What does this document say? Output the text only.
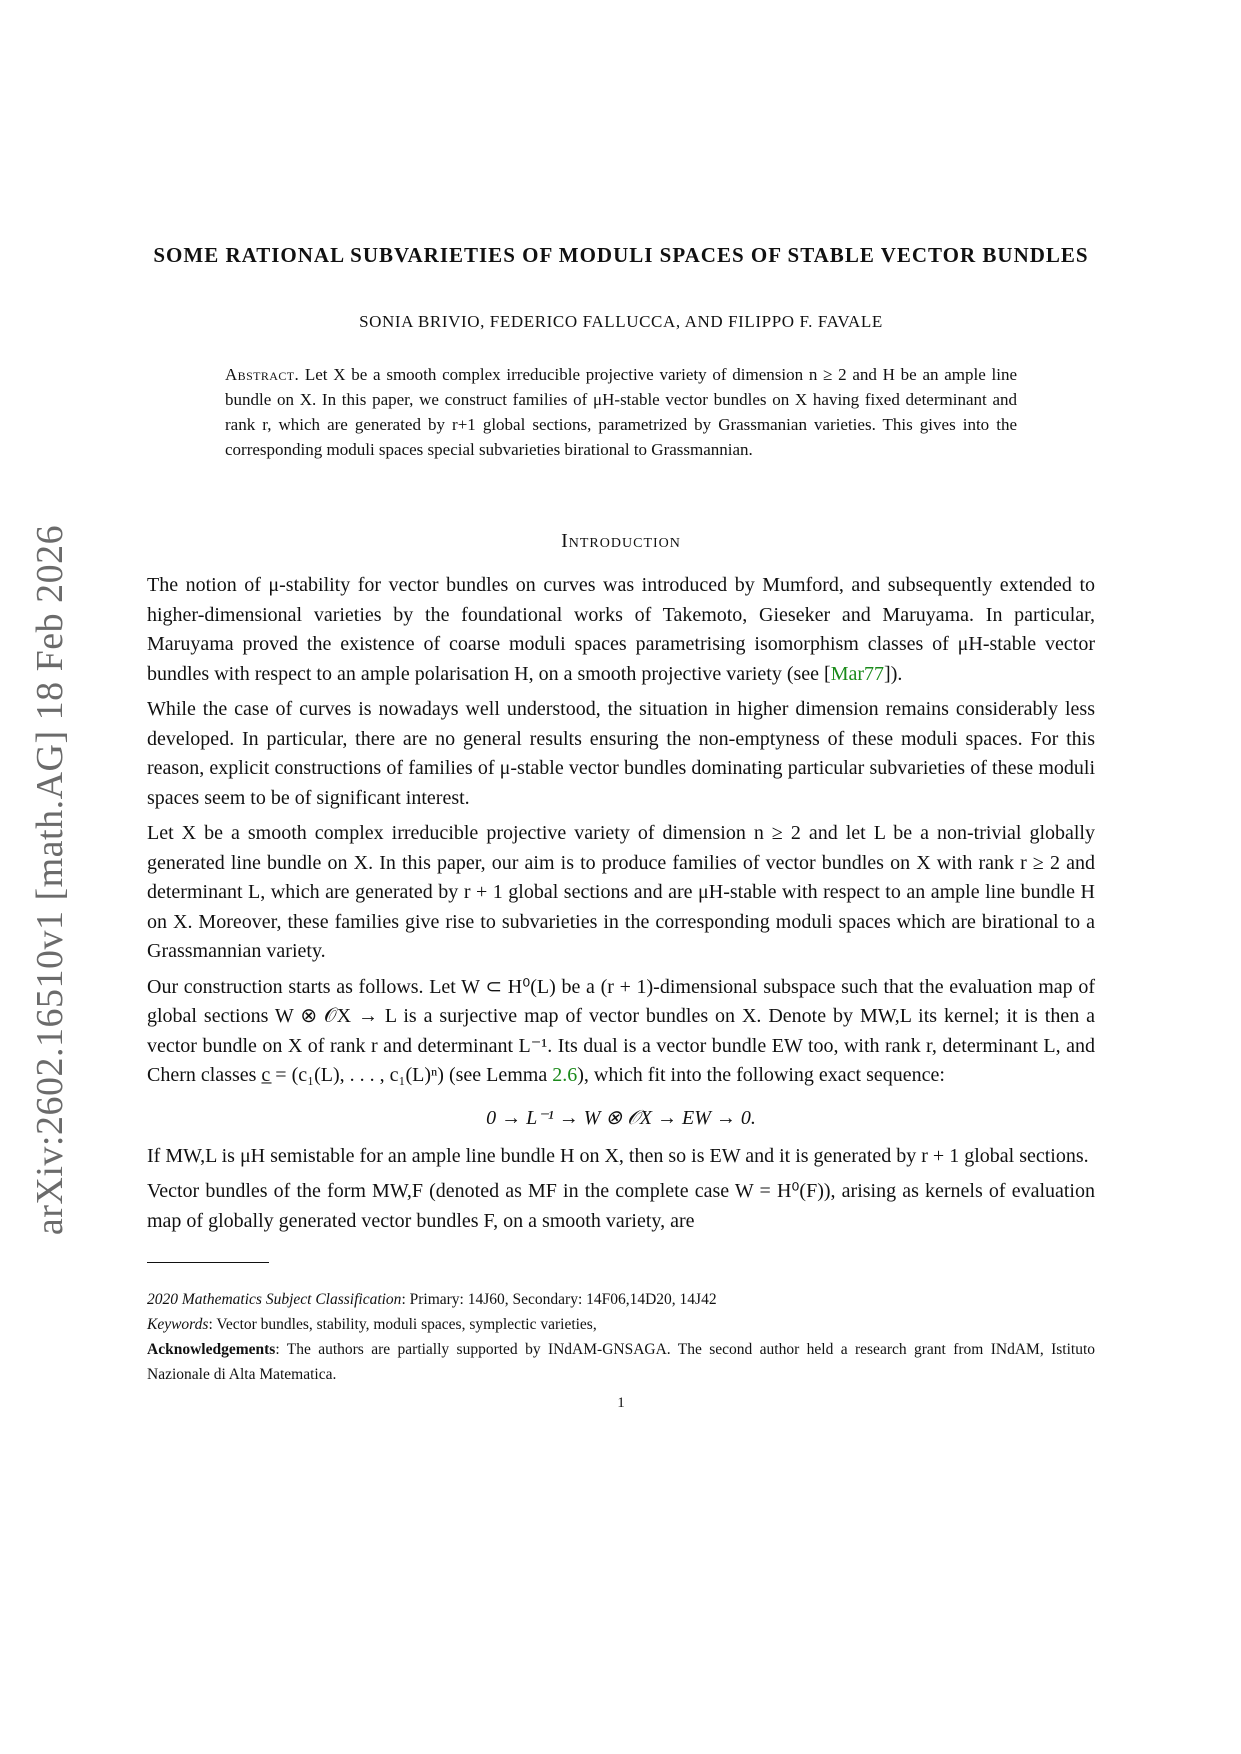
arXiv:2602.16510v1 [math.AG] 18 Feb 2026
SOME RATIONAL SUBVARIETIES OF MODULI SPACES OF STABLE VECTOR BUNDLES
SONIA BRIVIO, FEDERICO FALLUCCA, AND FILIPPO F. FAVALE
Abstract. Let X be a smooth complex irreducible projective variety of dimension n ≥ 2 and H be an ample line bundle on X. In this paper, we construct families of μH-stable vector bundles on X having fixed determinant and rank r, which are generated by r+1 global sections, parametrized by Grassmanian varieties. This gives into the corresponding moduli spaces special subvarieties birational to Grassmannian.
Introduction

The notion of μ-stability for vector bundles on curves was introduced by Mumford, and subsequently extended to higher-dimensional varieties by the foundational works of Takemoto, Gieseker and Maruyama. In particular, Maruyama proved the existence of coarse moduli spaces parametrising isomorphism classes of μH-stable vector bundles with respect to an ample polarisation H, on a smooth projective variety (see [Mar77]).

While the case of curves is nowadays well understood, the situation in higher dimension remains considerably less developed. In particular, there are no general results ensuring the non-emptyness of these moduli spaces. For this reason, explicit constructions of families of μ-stable vector bundles dominating particular subvarieties of these moduli spaces seem to be of significant interest.

Let X be a smooth complex irreducible projective variety of dimension n ≥ 2 and let L be a non-trivial globally generated line bundle on X. In this paper, our aim is to produce families of vector bundles on X with rank r ≥ 2 and determinant L, which are generated by r + 1 global sections and are μH-stable with respect to an ample line bundle H on X. Moreover, these families give rise to subvarieties in the corresponding moduli spaces which are birational to a Grassmannian variety.

Our construction starts as follows. Let W ⊂ H⁰(L) be a (r + 1)-dimensional subspace such that the evaluation map of global sections W ⊗ 𝒪X → L is a surjective map of vector bundles on X. Denote by MW,L its kernel; it is then a vector bundle on X of rank r and determinant L⁻¹. Its dual is a vector bundle EW too, with rank r, determinant L, and Chern classes c̲ = (c₁(L), . . . , c₁(L)ⁿ) (see Lemma 2.6), which fit into the following exact sequence:

0 → L⁻¹ → W ⊗ 𝒪X → EW → 0.

If MW,L is μH semistable for an ample line bundle H on X, then so is EW and it is generated by r + 1 global sections.

Vector bundles of the form MW,F (denoted as MF in the complete case W = H⁰(F)), arising as kernels of evaluation map of globally generated vector bundles F, on a smooth variety, are

2020 Mathematics Subject Classification: Primary: 14J60, Secondary: 14F06,14D20, 14J42

Keywords: Vector bundles, stability, moduli spaces, symplectic varieties,

Acknowledgements: The authors are partially supported by INdAM-GNSAGA. The second author held a research grant from INdAM, Istituto Nazionale di Alta Matematica.

1
